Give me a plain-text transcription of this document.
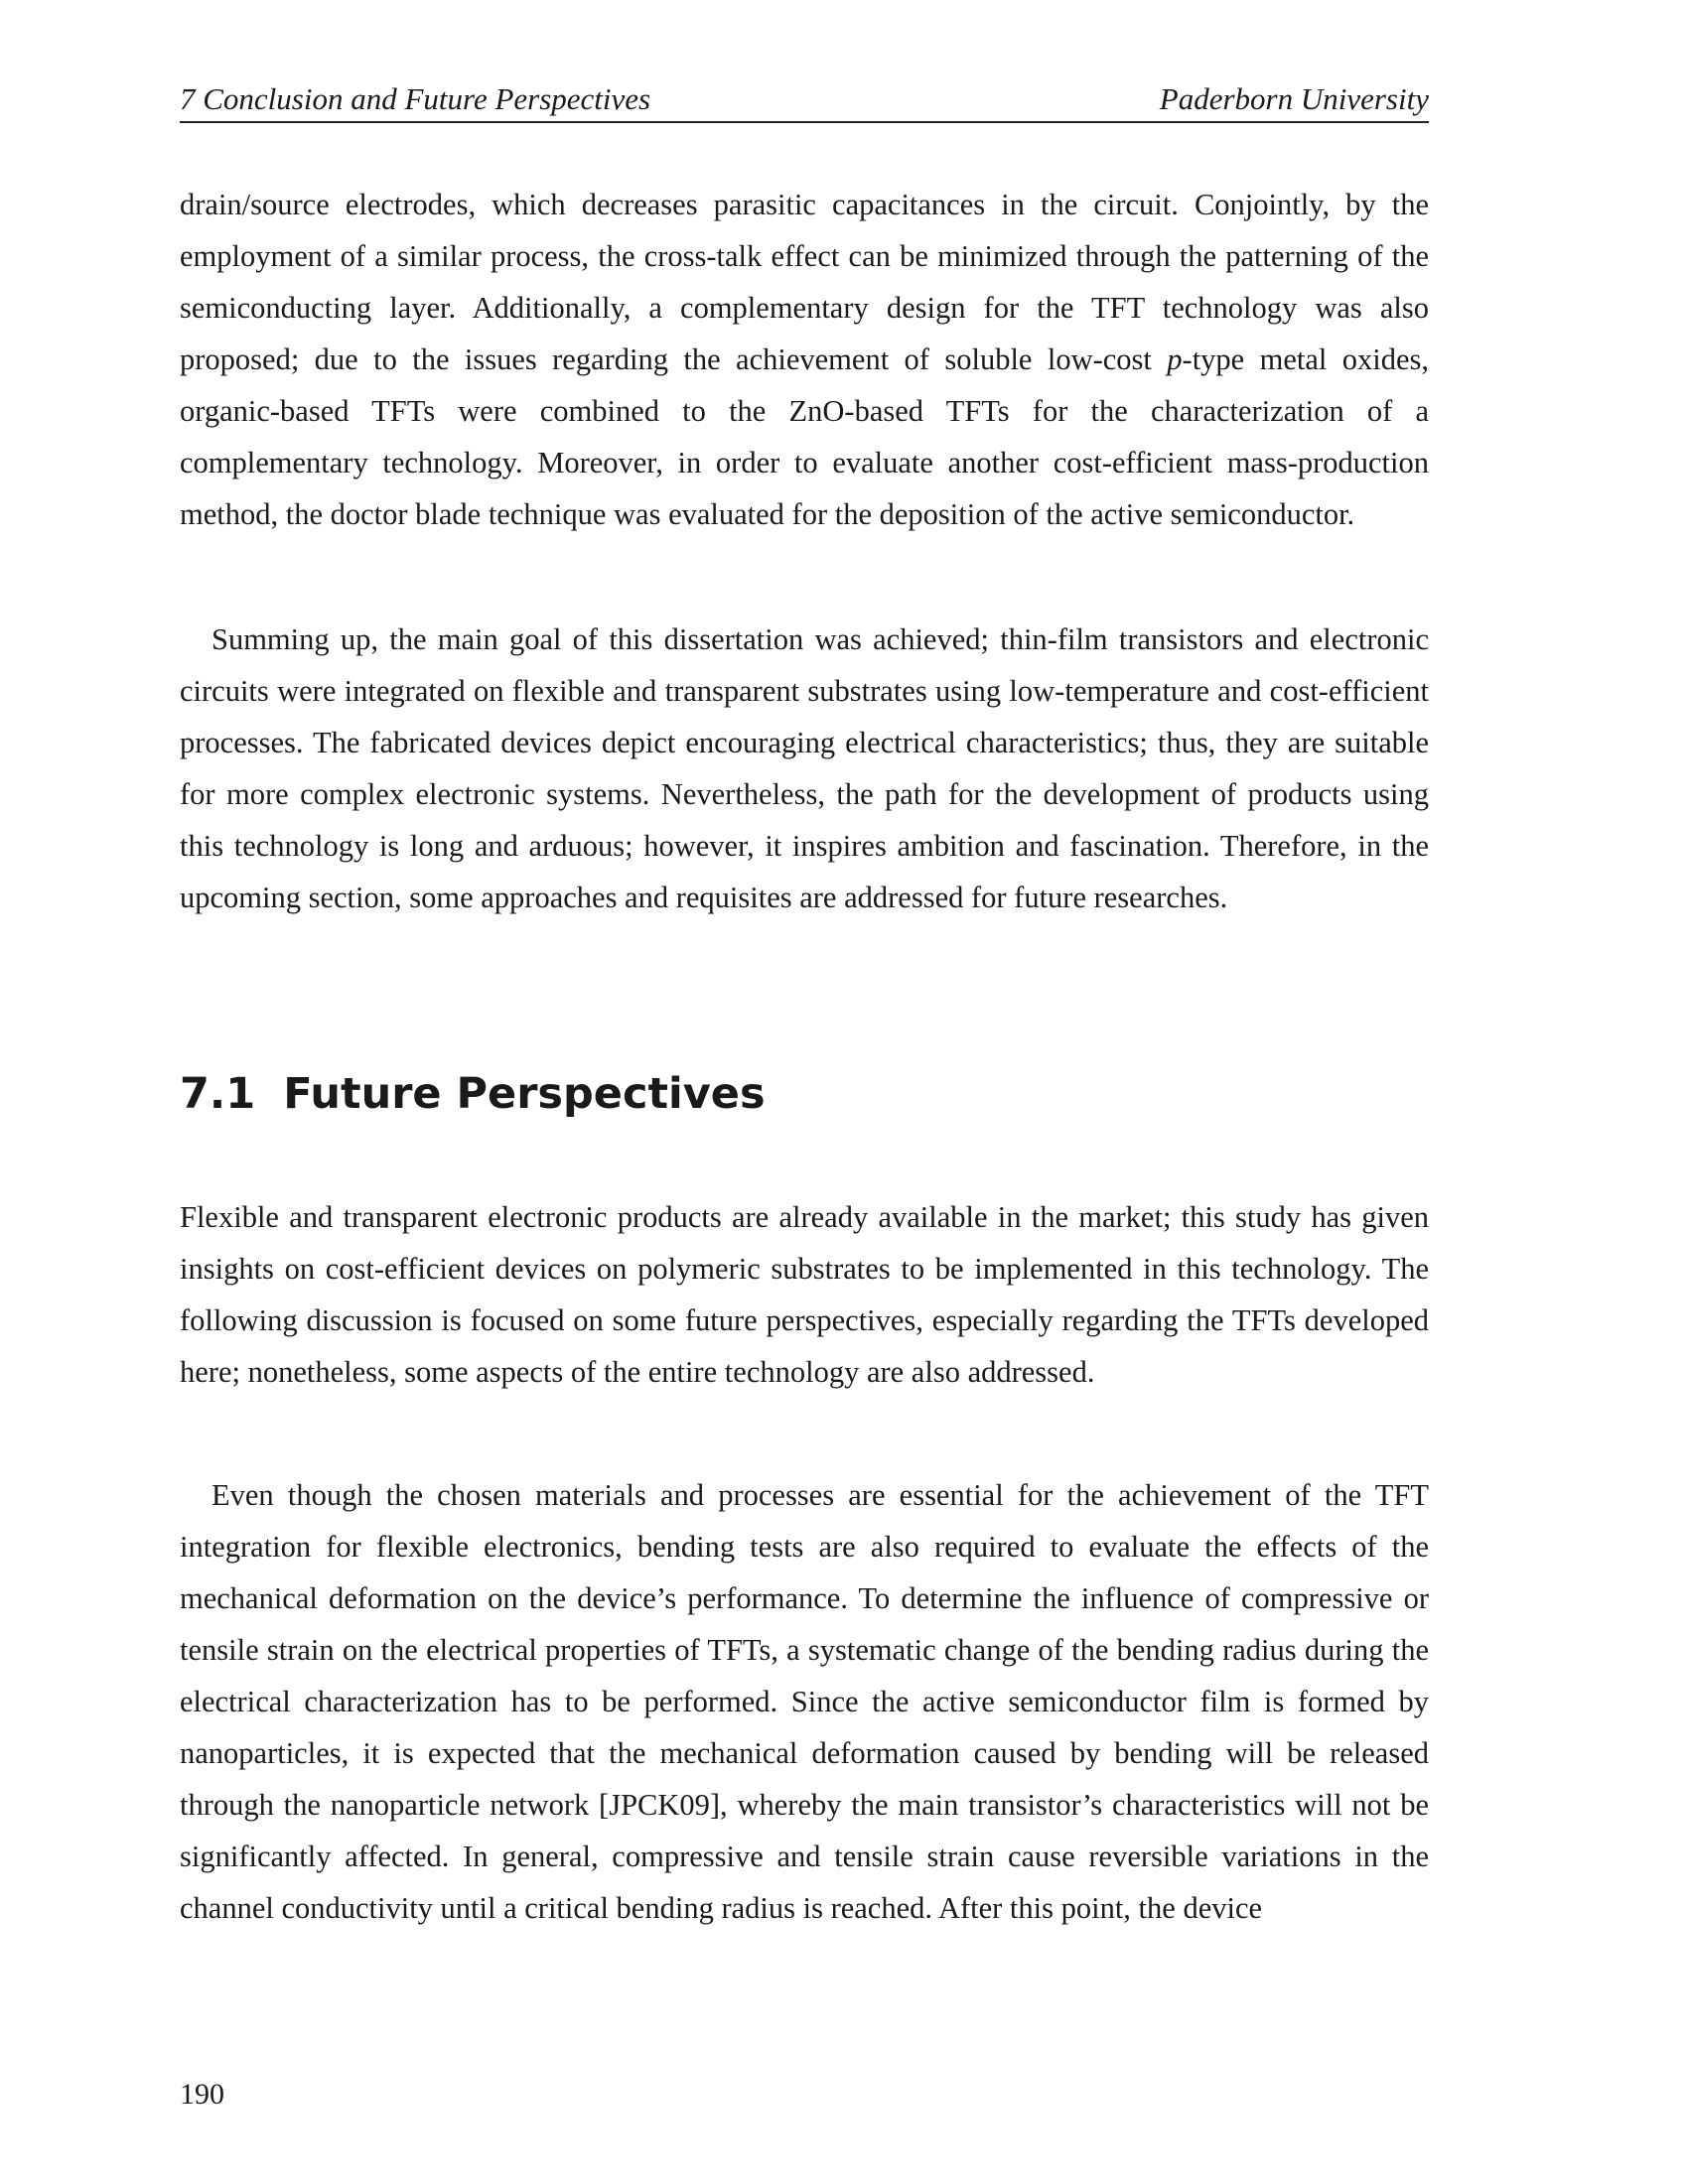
7 Conclusion and Future Perspectives	Paderborn University

drain/source electrodes, which decreases parasitic capacitances in the circuit. Conjointly, by the employment of a similar process, the cross-talk effect can be minimized through the patterning of the semiconducting layer. Additionally, a complementary design for the TFT technology was also proposed; due to the issues regarding the achievement of soluble low-cost p-type metal oxides, organic-based TFTs were combined to the ZnO-based TFTs for the characterization of a complementary technology. Moreover, in order to evaluate another cost-efficient mass-production method, the doctor blade technique was evaluated for the deposition of the active semiconductor.

Summing up, the main goal of this dissertation was achieved; thin-film transistors and electronic circuits were integrated on flexible and transparent substrates using low-temperature and cost-efficient processes. The fabricated devices depict encouraging electrical characteristics; thus, they are suitable for more complex electronic systems. Nevertheless, the path for the development of products using this technology is long and arduous; however, it inspires ambition and fascination. Therefore, in the upcoming section, some approaches and requisites are addressed for future researches.

7.1 Future Perspectives

Flexible and transparent electronic products are already available in the market; this study has given insights on cost-efficient devices on polymeric substrates to be implemented in this technology. The following discussion is focused on some future perspectives, especially regarding the TFTs developed here; nonetheless, some aspects of the entire technology are also addressed.

Even though the chosen materials and processes are essential for the achievement of the TFT integration for flexible electronics, bending tests are also required to evaluate the effects of the mechanical deformation on the device’s performance. To determine the influence of compressive or tensile strain on the electrical properties of TFTs, a systematic change of the bending radius during the electrical characterization has to be performed. Since the active semiconductor film is formed by nanoparticles, it is expected that the mechanical deformation caused by bending will be released through the nanoparticle network [JPCK09], whereby the main transistor’s characteristics will not be significantly affected. In general, compressive and tensile strain cause reversible variations in the channel conductivity until a critical bending radius is reached. After this point, the device

190
